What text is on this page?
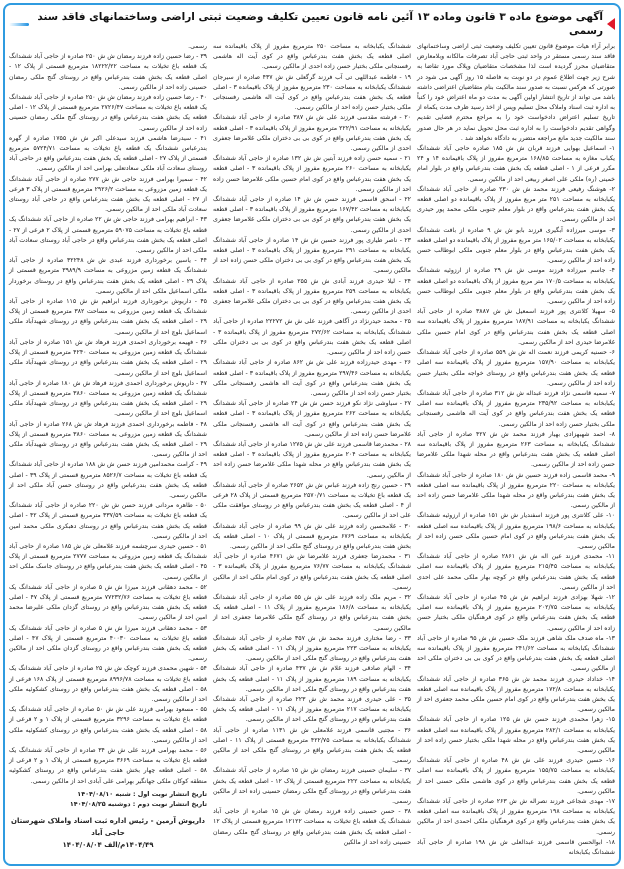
آگهی موضوع ماده ۳ قانون وماده ۱۳ آئین نامه قانون تعیین تکلیف وضعیت ثبتی اراضی وساختمانهای فاقد سند رسمی

برابر آراء هیات موضوع قانون تعیین تکلیف وضعیت ثبتی اراضی وساختمانهای فاقد سند رسمی مستقر در واحد ثبتی حاجی آباد تصرفات مالکانه وبلامعارض متقاضیان محرز گردیده است لذا مشخصات متقاضیان وپلاک مورد تقاضا به شرح زیر جهت اطلاع عموم در دو نوبت به فاصله ۱۵ روز آگهی می شود در صورتی که هرکس نسبت به صدور سند مالکیت بنام متقاضیان اعتراضی داشته باشد می تواند از تاریخ انتشار اولین آگهی به مدت دو ماه اعتراض خود را کتباً به اداره ثبت اسناد واملاک محل تسلیم وپس از اخذ رسید ظرف مدت یکماه از تاریخ تسلیم اعتراض دادخواست خود را به مراجع محترم قضایی تقدیم وگواهی تقدیم دادخواست را به اداره ثبت محل تحویل نماید در هر حال صدور سند مالکیت جدید مانع مراجعه متضرر به دادگاه نخواهد شد .

۱- اسماعیل بهوایی فرزند قربان ش ش ۱۸۵ صادره حاجی آباد ششدانگ یکباب مغازه به مساحت ۱۶۸/۸۵ مترمربع مفروز از پلاک باقیمانده ۱۴ و ۲۴ مکرر فرعی از ۱ - اصلی قطعه یک بخش هفت بندرعباس واقع در بلوار امام خمینی (ره) ملکی علی اصغر ربیعی احد از مالکین رسمی.

۲- هوشنگ رفیعی فرزند محمد ش ش ۲۳۰ صادره از حاجی آباد ششدانگ یکبابخانه به مساحت ۲۵۱ متر مربع مفروز از پلاک باقیمانده دو اصلی قطعه یک بخش هفت بندرعباس واقع در بلوار معلم جنوبی ملکی محمد پور حیدری احد از مالکین رسمی.

۳- موسی میرزاده آبگیری فرزند بابو ش ش ۹ صادره از بافت ششدانگ یکبابخانه به مساحت ۱۶۵/۰۲ متر مربع مفروز از پلاک باقیمانده دو اصلی قطعه یک بخش هفت بندرعباس واقع در بلوار معلم جنوبی ملکی ابوطالب حسن زاده احد از مالکین رسمی.

۴- جاسم میرزاده فرزند موسی ش ش ۲۹ صادره از ارزوئیه ششدانگ یکبابخانه به مساحت ۱۷۰/۵ متر مربع مفروز از پلاک باقیمانده دو اصلی قطعه یک بخش هفت بندرعباس واقع در بلوار معلم جنوبی ملکی ابوطالب حسن زاده احد از مالکین رسمی.

۵- سهیلا کلانتری پور فرزند اسمعیل ش ش ۳۸۸۷ صادره از حاجی آباد ششدانگ یکبابخانه به مساحت ۱۸۷/۹۱ مترمربع مفروز از پلاک باقیمانده سه اصلی قطعه یک بخش هفت بندرعباس واقع در کوی امام حسین ملکی غلامرضا حیدری احد از مالکین رسمی.

۶- حسنیه کریمی فرزند نعمت اله ش ش ۵۵۹ صادره از حاجی آباد ششدانگ یکبابخانه به مساحت ۱۵۷/۹۰ مترمربع مفروز از پلاک باقیمانده سه اصلی قطعه یک بخش هفت بندرعباس واقع در روستای خواجه ملکی بختیار حسن زاده احد از مالکین رسمی.

۷- سمیه قاسمی نژاد فرزند عبداله ش ش ۳۱۲ صادره از حاجی آباد ششدانگ یکبابخانه به مساحت ۲۳۵/۹۲ مترمربع مفروز از پلاک باقیمانده سه اصلی قطعه یک بخش هفت بندرعباس واقع در کوی آیت اله هاشمی رفسنجانی ملکی بختیار حسن زاده احد از مالکین رسمی.

۸- احمد شهبهزادی بهیار فرزند محمد ش ش ۴۲۷ صادره از حاجی آباد ششدانگ یکبابخانه به مساحت ۲۶۳ مترمربع مفروز از پلاک باقیمانده سه اصلی قطعه یک بخش هفت بندرعباس واقع در محله شهدا ملکی غلامرضا حسن زاده احد از مالکین رسمی.

۹- محمد قاسمی زاده فرزند حسین ش ش ۱۸۰ صادره از حاجی آباد ششدانگ یکبابخانه به مساحت ۲۲۰ مترمربع مفروز از پلاک باقیمانده سه اصلی قطعه یک بخش هفت بندرعباس واقع در محله شهدا ملکی غلامرضا حسن زاده احد از مالکین رسمی.

۱۰- علی کلانتری پور فرزند اسفندیار ش ش ۱۵۱ صادره از ارزوئیه ششدانگ یکبابخانه به مساحت ۱۹۸/۶ مترمربع مفروز از پلاک باقیمانده سه اصلی قطعه یک بخش هفت بندرعباس واقع در کوی امام حسین ملکی حسن زاده احد از مالکین رسمی.

۱۱- محمدی فرزند عین اله ش ش ۲۸۶۱ صادره از حاجی آباد ششدانگ یکبابخانه به مساحت ۲۱۵/۴۵ مترمربع مفروز از پلاک باقیمانده سه اصلی قطعه یک بخش هفت بندرعباس واقع در کوچه بهار ملکی محمد علی احدی احد از مالکین رسمی.

۱۲- شهلا بهزادی فرزند ابراهیم ش ش ۴۵ صادره از حاجی آباد ششدانگ یکبابخانه به مساحت ۲۰۲/۷۵ مترمربع مفروز از پلاک باقیمانده سه اصلی قطعه یک بخش هفت بندرعباس واقع در کوی فرهنگیان ملکی بختیار حسن زاده احد از مالکین رسمی.

۱۳- ماه صدف ملک شاهی فرزند ملک حسین ش ش ۹۵ صادره از حاجی آباد ششدانگ یکبابخانه به مساحت ۲۴۱/۶۲ مترمربع مفروز از پلاک باقیمانده سه اصلی قطعه یک بخش هفت بندرعباس واقع در کوی بی بی دختران ملکی احد از مالکین رسمی.

۱۴- خداداد حیدری فرزند محمد ش ش ۳۶۵ صادره از حاجی آباد ششدانگ یکبابخانه به مساحت ۱۷۲/۸ مترمربع مفروز از پلاک باقیمانده سه اصلی قطعه یک بخش هفت بندرعباس واقع در کوی امام حسین ملکی محمد جعفری احد از مالکین رسمی.

۱۵- زهرا محمدی فرزند حسن ش ش ۱۲۵ صادره از حاجی آباد ششدانگ یکبابخانه به مساحت ۲۸۲/۱ مترمربع مفروز از پلاک باقیمانده سه اصلی قطعه یک بخش هفت بندرعباس واقع در محله شهدا ملکی بختیار حسن زاده احد از مالکین رسمی.

۱۶- حسین حیدری فرزند علی ش ش ۴۸ صادره از حاجی آباد ششدانگ یکبابخانه به مساحت ۱۵۵/۷۵ مترمربع مفروز از پلاک باقیمانده سه اصلی قطعه یک بخش هفت بندرعباس واقع در کوی هاشمی ملکی حسنی احد از مالکین رسمی.

۱۷- مهدی شجاعی فرزند نصراله ش ش ۲۶۳ صادره از حاجی آباد ششدانگ یکبابخانه به مساحت ۱۹۸ مترمربع مفروز از پلاک باقیمانده سه اصلی قطعه یک بخش هفت بندرعباس واقع در کوی فرهنگیان ملکی احمدی احد از مالکین رسمی.

۱۸- ابوالحسن قاسمی فرزند عبدالعلی ش ش ۱۹۸ صادره از حاجی آباد ششدانگ یکبابخانه

ششدانگ یکبابخانه به مساحت ۲۵۰ مترمربع مفروز از پلاک باقیمانده سه اصلی قطعه یک بخش هفت بندرعباس واقع در کوی آیت اله هاشمی رفسنجانی ملکی بختیار حسن زاده احدی از مالکین رسمی.

۱۹ - فاطمه عبداللهی تی آب فرزند گرگعلی ش ش ۴۳۷ صادره از سیرجان ششدانگ یکبابخانه به مساحت ۲۳۰ مترمربع مفروز از پلاک باقیمانده ۳ - اصلی قطعه یک بخش هفت بندرعباس واقع در کوی آیت اله هاشمی رفسنجانی ملکی بختیار حسن زاده احد از مالکین رسمی.

۲۰ - فرشته مقدسی فرزند علی ش ش ۳۸۷ صادره از حاجی آباد ششدانگ یکبابخانه به مساحت ۲۲۲/۹۱ مترمربع مفروز از پلاک باقیمانده ۳ - اصلی قطعه یک بخش هفت بندرعباس واقع در کوی بی بی دختران ملکی غلامرضا جعفری احدی از مالکین رسمی.

۲۱ - سمیه حسن زاده فرزند آبتین ش ش ۱۳۲ صادره از حاجی آباد ششدانگ یکبابخانه به مساحت ۲۶۰ مترمربع مفروز از پلاک باقیمانده ۳ - اصلی قطعه یک بخش هفت بندرعباس واقع در کوی امام حسین ملکی غلامرضا حسن زاده احد از مالکین رسمی.

۲۲ - اسحق قاسمی فرزند حسن ش ش ۱۴ صادره از حاجی آباد ششدانگ یکبابخانه به مساحت ۱۶۷/۴۲ مترمربع مفروز از پلاک باقیمانده ۳ - اصلی قطعه یک بخش هفت بندرعباس واقع در کوی بی بی دختران ملکی غلامرضا جعفری احدی از مالکین رسمی.

۲۳ - ناصر طیاری پور فرزند حسین ش ش ۱۴ صادره از حاجی آباد ششدانگ یکبابخانه به مساحت ۲۹۱ مترمربع مفروز از پلاک باقیمانده ۳ - اصلی قطعه یک بخش هفت بندرعباس واقع در کوی بی بی دختران ملکی حسن زاده احد از مالکین رسمی.

۲۴ - لیلا حیدری فرزند آبادی ش ش ۲۵۵ صادره از حاجی آباد ششدانگ یکبابخانه به مساحت ۲۵۹ مترمربع مفروز از پلاک باقیمانده ۳ - اصلی قطعه یک بخش هفت بندرعباس واقع در کوی بی بی دختران ملکی غلامرضا جعفری احدی از مالکین رسمی.

۲۵ - محمد حیدرنژاد در آگاهی فرزند علی ش ش ۲۲۲۷۲ صادره از حاجی آباد ششدانگ یکبابخانه به مساحت ۲۷۲/۶۲ مترمربع مفروز از پلاک باقیمانده ۳ - اصلی قطعه یک بخش هفت بندرعباس واقع در کوی بی بی دختران ملکی حسن زاده احد از مالکین رسمی.

۲۶ - مهدی حیدرزاده فرزند علی ش ش ۸۶۲ صادره از حاجی آباد ششدانگ یکبابخانه به مساحت ۲۹۷/۴۶ مترمربع مفروز از پلاک باقیمانده ۳ - اصلی قطعه یک بخش هفت بندرعباس واقع در کوی آیت اله هاشمی رفسنجانی ملکی بختیار حسن زاده احد از مالکین رسمی.

۲۷ - سیاوشی نژاد نکو فرزند حسن ش ش ۲۴ صادره از حاجی آباد ششدانگ یکبابخانه به مساحت ۲۶۲ مترمربع مفروز از پلاک باقیمانده ۳ - اصلی قطعه یک بخش هفت بندرعباس واقع در کوی آیت اله هاشمی رفسنجانی ملکی غلامرضا حسن زاده احد از مالکین رسمی.

۲۸ - محمدرضا قاسمی فرزند علی ش ش ۱۲۷۵ صادره از حاجی آباد ششدانگ یکبابخانه به مساحت ۲۰۴ مترمربع مفروز از پلاک باقیمانده ۳ - اصلی قطعه یک بخش هفت بندرعباس واقع در محله شهدا ملکی غلامرضا حسن زاده احد از مالکین رسمی.

۲۹ - حسین رنج زاده فرزند عباس ش ش ۲۶۵۲ صادره از حاجی آباد ششدانگ یک قطعه باغ تخیلات به مساحت ۲۵۷۰/۷۱ مترمربع قسمتی از پلاک ۲۸ فرعی از ۴ - اصلی قطعه یک بخش هفت بندرعباس واقع در روستای موافقت ملکی علی احد از مالکین رسمی.

۳۰ - غلامحسین زاده فرزند علی ش ش ۹۹ صادره از حاجی آباد ششدانگ یکبابخانه به مساحت ۶۷۶۹ مترمربع قسمتی از پلاک ۱۰ - اصلی قطعه یک بخش هفت بندرعباس واقع در روستای گنج ملکی احد از مالکین رسمی.

۳۱ - محمدرضا جعفری فرزند غلامرضا ش ش ۴۶۷۱ صادره از حاجی آباد ششدانگ یکبابخانه به مساحت ۷۶/۷۷ مترمربع مفروز از پلاک باقیمانده ۳ - اصلی قطعه یک بخش هفت بندرعباس واقع در کوی امام ملکی احد از مالکین رسمی.

۳۲ - مریم ملک زاده فرزند علی ش ش ۵۵ صادره از حاجی آباد ششدانگ یکبابخانه به مساحت ۱۸۶/۸ مترمربع مفروز از پلاک ۱۱ - اصلی قطعه یک بخش هفت بندرعباس واقع در روستای گنج ملکی غلامرضا جعفری احد از مالکین رسمی.

۳۳ - رضا مختاری فرزند محمد ش ش ۳۵۷ صادره از حاجی آباد ششدانگ یکبابخانه به مساحت ۲۲۳ مترمربع مفروز از پلاک ۱۱ - اصلی قطعه یک بخش هفت بندرعباس واقع در روستای گنج ملکی احد از مالکین رسمی.

۳۴ - الهام صادقی فرزند غلام ش ش ۴۳۷ صادره از حاجی آباد ششدانگ یکبابخانه به مساحت ۱۸۹ مترمربع مفروز از پلاک ۱۱ - اصلی قطعه یک بخش هفت بندرعباس واقع در روستای گنج ملکی احد از مالکین رسمی.

۳۵ - علی حیدری فرزند محمد ش ش ۲۲۳ صادره از حاجی آباد ششدانگ یکبابخانه به مساحت ۲۱۷ مترمربع مفروز از پلاک ۱۱ - اصلی قطعه یک بخش هفت بندرعباس واقع در روستای گنج ملکی احد از مالکین رسمی.

۳۶ - مجتبی قاسمی فرزند غلامعلی ش ش ۱۱۳۱ صادره از حاجی آباد ششدانگ یکبابخانه به مساحت ۴۲۲/۷۵ مترمربع قسمتی از پلاک ۱۱ - اصلی قطعه یک بخش هفت بندرعباس واقع در روستای گنج ملکی احد از مالکین رسمی.

۳۷ - سلیمان حسینی فرزند رمضان ش ش ۱۵ صادره از حاجی آباد ششدانگ یکبابخانه به مساحت ۲۲۲ مترمربع قسمتی از پلاک ۱۲ - اصلی قطعه یک بخش هفت بندرعباس واقع در روستای گنج ملکی رمضان حسینی زاده احد از مالکین رسمی.

۳۸ - حسن حسینی زاده فرزند رمضان ش ش ۱۵ صادره از حاجی آباد ششدانگ یک قطعه باغ تخیلات به مساحت ۱۲۱۲۲ مترمربع قسمتی از پلاک ۱۲ - اصلی قطعه یک بخش هفت بندرعباس واقع در روستای گنج ملکی رمضان حسینی زاده احد از مالکین

رسمی.

۳۹ - رضا حسین زاده فرزند رمضان ش ش ۲۵۰ صادره از حاجی آباد ششدانگ یک قطعه باغ تخیلات به مساحت ۱۸۲۲۲/۲۲ مترمربع قسمتی از پلاک ۱۲ - اصلی قطعه یک بخش هفت بندرعباس واقع در روستای گنج ملکی رمضان حسینی زاده احد از مالکین رسمی.

۴۰ - رضا حسین زاده فرزند رمضان ش ش ۲۵۰ صادره از حاجی آباد ششدانگ یک قطعه باغ تخیلات به مساحت ۲۷۲۶/۴۷ مترمربع قسمتی از پلاک ۱۲ - اصلی قطعه یک بخش هفت بندرعباس واقع در روستای گنج ملکی رمضان حسینی زاده احد از مالکین رسمی.

۴۱ - سیدرضا هاشمی فرزند سیدعلی اکبر ش ش ۱۷۵۵ صادره از گهره بندرعباس ششدانگ یک قطعه باغ تخیلات به مساحت ۵۷۲۴/۷۱ مترمربع قسمتی از پلاک ۲۷ - اصلی قطعه یک بخش هفت بندرعباس واقع در حاجی آباد روستای سعادت آباد ملکی سعادتعلی بهرامی احد از مالکین رسمی.

۴۲ - سمیرا بهرامی فرزند حاجی ش ش ۲۷۷ صادره از حاجی آباد ششدانگ یک قطعه زمین مزروعی به مساحت ۲۹۲۶/۲ مترمربع قسمتی از پلاک ۳ فرعی از ۲۷ - اصلی قطعه یک بخش هفت بندرعباس واقع در حاجی آباد روستای سعادت آباد ملکی احد از مالکین رسمی.

۴۳ - ابراهیم بهرامی فرزند حاجی ش ش ۲۲ صادره از حاجی آباد ششدانگ یک قطعه باغ تخیلات به مساحت ۵۹۰۷۵ مترمربع قسمتی از پلاک ۲ فرعی از ۲۷ - اصلی قطعه یک بخش هفت بندرعباس واقع در حاجی آباد روستای سعادت آباد ملکی احد از مالکین رسمی.

۴۴ - یاسین برخورداری فرزند عبدی ش ش ۳۲۲۴۸ صادره از حاجی آباد ششدانگ یک قطعه زمین مزروعی به مساحت ۳۹۸۹/۹ مترمربع قسمتی از پلاک ۲۹ - اصلی قطعه یک بخش هفت بندرعباس واقع در روستای برخوردار ملکی اسماعیل ملکی احد از مالکین رسمی.

۴۵ - داریوش برخورداری فرزند ابراهیم ش ش ۱۱۵ صادره از حاجی آباد ششدانگ یک قطعه زمین مزروعی به مساحت ۳۸۲ مترمربع قسمتی از پلاک ۲۹ - اصلی قطعه یک بخش هفت بندرعباس واقع در روستای شهیدآباد ملکی اسماعیل بلوچ احد از مالکین رسمی.

۴۶ - فهیمه برخورداری احمدی فرزند فرهاد ش ش ۱۵۱ صادره از حاجی آباد ششدانگ یک قطعه زمین مزروعی به مساحت ۴۲۴۰ مترمربع قسمتی از پلاک ۲۹ - اصلی قطعه یک بخش هفت بندرعباس واقع در روستای شهیدآباد ملکی اسماعیل بلوچ احد از مالکین رسمی.

۴۷ - داریوش برخورداری احمدی فرزند فرهاد ش ش ۱۸۰ صادره از حاجی آباد ششدانگ یک قطعه زمین مزروعی به مساحت ۳۸۶۰ مترمربع قسمتی از پلاک ۲۹ - اصلی قطعه یک بخش هفت بندرعباس واقع در روستای شهیدآباد ملکی اسماعیل بلوچ احد از مالکین رسمی.

۴۸ - فاطمه برخورداری احمدی فرزند فرهاد ش ش ۲۶۸ صادره از حاجی آباد ششدانگ یک قطعه زمین مزروعی به مساحت ۳۸۶۰ مترمربع قسمتی از پلاک ۲۹ - اصلی قطعه یک بخش هفت بندرعباس واقع در روستای شهیدآباد ملکی احد از مالکین رسمی.

۴۹ - کرامت محمدامین فرزند حسن ش ش ۱۸۸ صادره از حاجی آباد ششدانگ یک قطعه باغ تخیلات به مساحت ۸۵۲۶/۷ مترمربع قسمتی از پلاک ۳۹ - اصلی قطعه یک بخش هفت بندرعباس واقع در روستای حسن آباد ملکی احد از مالکین رسمی.

۵۰ - طاهره مردانی فرزند حسن ش ش ۲۲۰ صادره از حاجی آباد ششدانگ یک قطعه باغ تخیلات به مساحت ۳۳۷/۵۹ مترمربع قسمتی از پلاک ۴۲ - اصلی قطعه یک بخش هفت بندرعباس واقع در روستای دهبکری ملکی محمد امین احد از مالکین رسمی.

۵۱ - حسین حیدری سرچشمه فرزند غلامعلی ش ش ۱۸۵ صادره از حاجی آباد ششدانگ یک قطعه زمین مزروعی به مساحت ۲۷۷۷ مترمربع قسمتی از پلاک ۴۵ - اصلی قطعه یک بخش هفت بندرعباس واقع در روستای جاسک ملکی احد از مالکین رسمی.

۵۲ - محمد دهقانی فرزند میرزا ش ش ۵ صادره از حاجی آباد ششدانگ یک قطعه باغ تخیلات به مساحت ۷۷۲۳۲/۷۶ مترمربع قسمتی از پلاک ۴۷ - اصلی قطعه یک بخش هفت بندرعباس واقع در روستای گزدان ملکی علیرضا محمد امین احد از مالکین رسمی.

۵۳ - محمد دهقانی فرزند میرزا ش ش ۵ صادره از حاجی آباد ششدانگ یک قطعه باغ تخیلات به مساحت ۴۰۰۳۰ مترمربع قسمتی از پلاک ۴۷ - اصلی قطعه یک بخش هفت بندرعباس واقع در روستای گزدان ملکی احد از مالکین رسمی.

۵۴ - شهین محمدی فرزند کوچک ش ش ۲۵ صادره از حاجی آباد ششدانگ یک قطعه باغ تخیلات به مساحت ۸۹۹۶/۷۸ مترمربع قسمتی از پلاک ۱۶۸ فرعی از ۵۸ - اصلی قطعه یک بخش هفت بندرعباس واقع در روستای کشکوئیه ملکی احد از مالکین رسمی.

۵۵ - مسعود بهرامی فرزند علی ش ش ۵۰ صادره از حاجی آباد ششدانگ یک قطعه باغ تخیلات به مساحت ۳۲۹۶ مترمربع قسمتی از پلاک ۱ و ۲ فرعی از ۵۸ - اصلی قطعه یک بخش هفت بندرعباس واقع در روستای کشکوئیه ملکی احد از مالکین رسمی.

۵۶ - محمد بهرامی فرزند علی ش ش ۳۴ صادره از حاجی آباد ششدانگ یک قطعه باغ تخیلات به مساحت ۳۶۶۹ مترمربع قسمتی از پلاک ۱ و ۲ فرعی از ۵۸ - اصلی قطعه چهار بخش هفت بندرعباس واقع در روستای کشکوئیه منطقه کوکان ملکی جهانگیر بهرامی علی آبادی احد از مالکین رسمی.

تاریخ انتشار نوبت اول : شنبه ۱۴۰۴/۰۸/۱۰

تاریخ انتشار نوبت دوم : دوشنبه ۱۴۰۴/۰۸/۲۵

داریوش آرمین - رئیس اداره ثبت اسناد واملاک شهرستان حاجی آباد

۱۴۰۴/۴۹م/الف ۱۴۰۴/۰۸/۰۴
